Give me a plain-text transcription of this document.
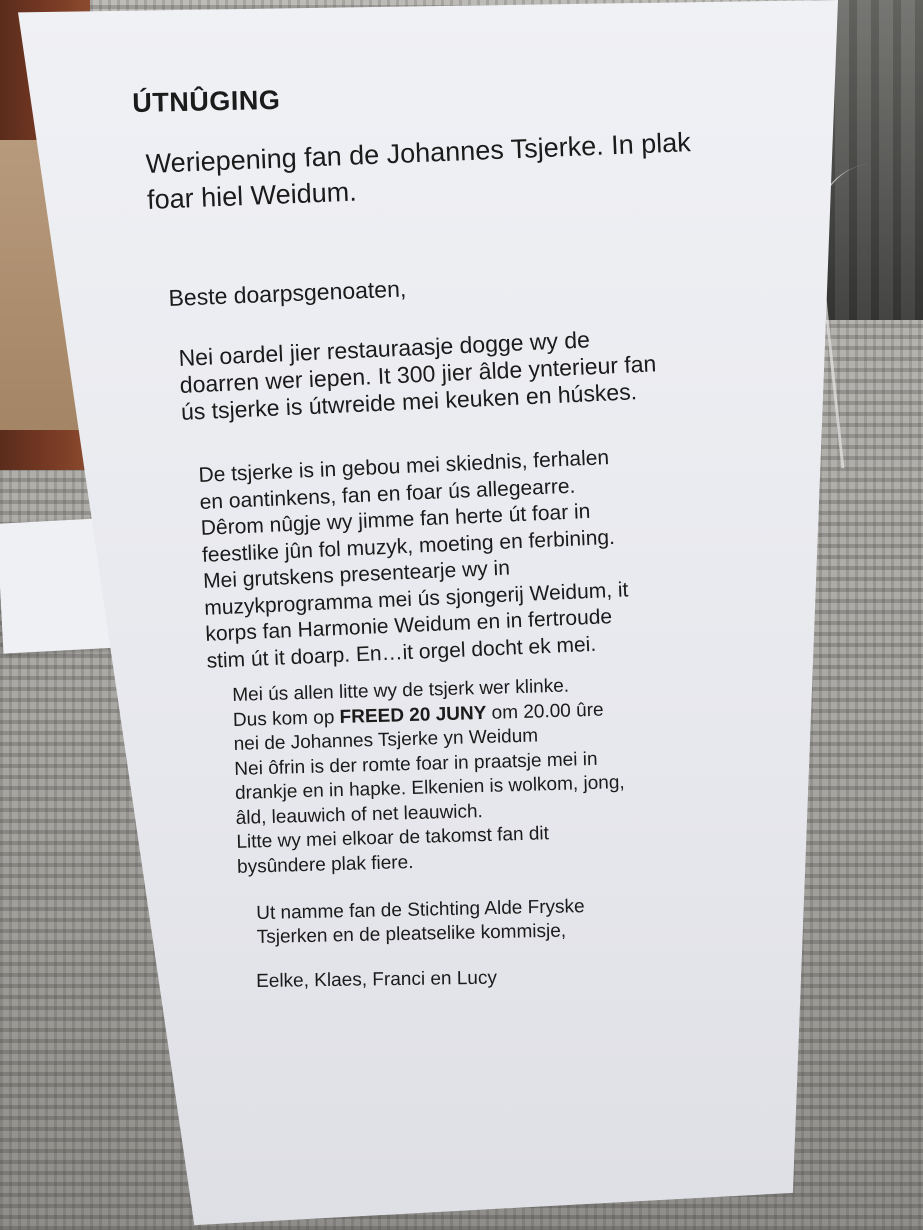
ÚTNÛGING
Weriepening fan de Johannes Tsjerke. In plak
foar hiel Weidum.
Beste doarpsgenoaten,
Nei oardel jier restauraasje dogge wy de
doarren wer iepen. It 300 jier âlde ynterieur fan
ús tsjerke is útwreide mei keuken en húskes.
De tsjerke is in gebou mei skiednis, ferhalen
en oantinkens, fan en foar ús allegearre.
Dêrom nûgje wy jimme fan herte út foar in
feestlike jûn fol muzyk, moeting en ferbining.
Mei grutskens presentearje wy in
muzykprogramma mei ús sjongerij Weidum, it
korps fan Harmonie Weidum en in fertroude
stim út it doarp. En…it orgel docht ek mei.
Mei ús allen litte wy de tsjerk wer klinke.
Dus kom op FREED 20 JUNY om 20.00 ûre
nei de Johannes Tsjerke yn Weidum
Nei ôfrin is der romte foar in praatsje mei in
drankje en in hapke. Elkenien is wolkom, jong,
âld, leauwich of net leauwich.
Litte wy mei elkoar de takomst fan dit
bysûndere plak fiere.
Ut namme fan de Stichting Alde Fryske
Tsjerken en de pleatselike kommisje,
Eelke, Klaes, Franci en Lucy
